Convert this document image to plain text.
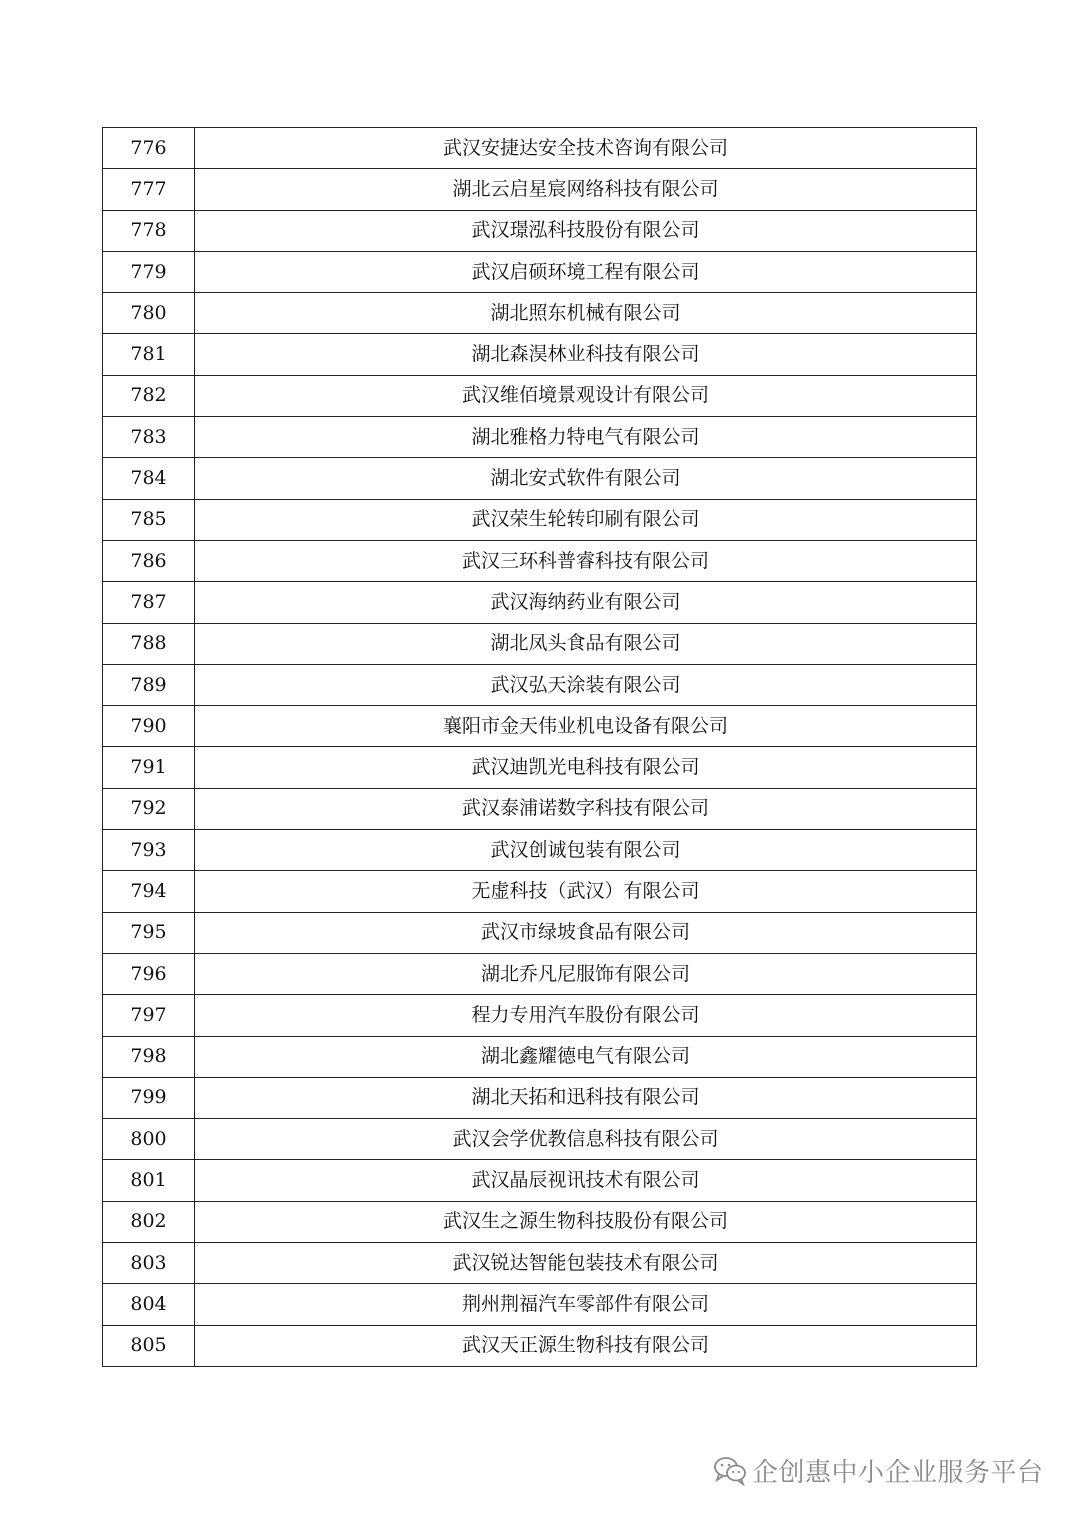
776	武汉安捷达安全技术咨询有限公司
777	湖北云启星宸网络科技有限公司
778	武汉璟泓科技股份有限公司
779	武汉启硕环境工程有限公司
780	湖北照东机械有限公司
781	湖北森淏林业科技有限公司
782	武汉维佰境景观设计有限公司
783	湖北雅格力特电气有限公司
784	湖北安式软件有限公司
785	武汉荣生轮转印刷有限公司
786	武汉三环科普睿科技有限公司
787	武汉海纳药业有限公司
788	湖北凤头食品有限公司
789	武汉弘天涂装有限公司
790	襄阳市金天伟业机电设备有限公司
791	武汉迪凯光电科技有限公司
792	武汉泰浦诺数字科技有限公司
793	武汉创诚包装有限公司
794	无虚科技（武汉）有限公司
795	武汉市绿坡食品有限公司
796	湖北乔凡尼服饰有限公司
797	程力专用汽车股份有限公司
798	湖北鑫耀德电气有限公司
799	湖北天拓和迅科技有限公司
800	武汉会学优教信息科技有限公司
801	武汉晶辰视讯技术有限公司
802	武汉生之源生物科技股份有限公司
803	武汉锐达智能包装技术有限公司
804	荆州荆福汽车零部件有限公司
805	武汉天正源生物科技有限公司
企创惠中小企业服务平台
